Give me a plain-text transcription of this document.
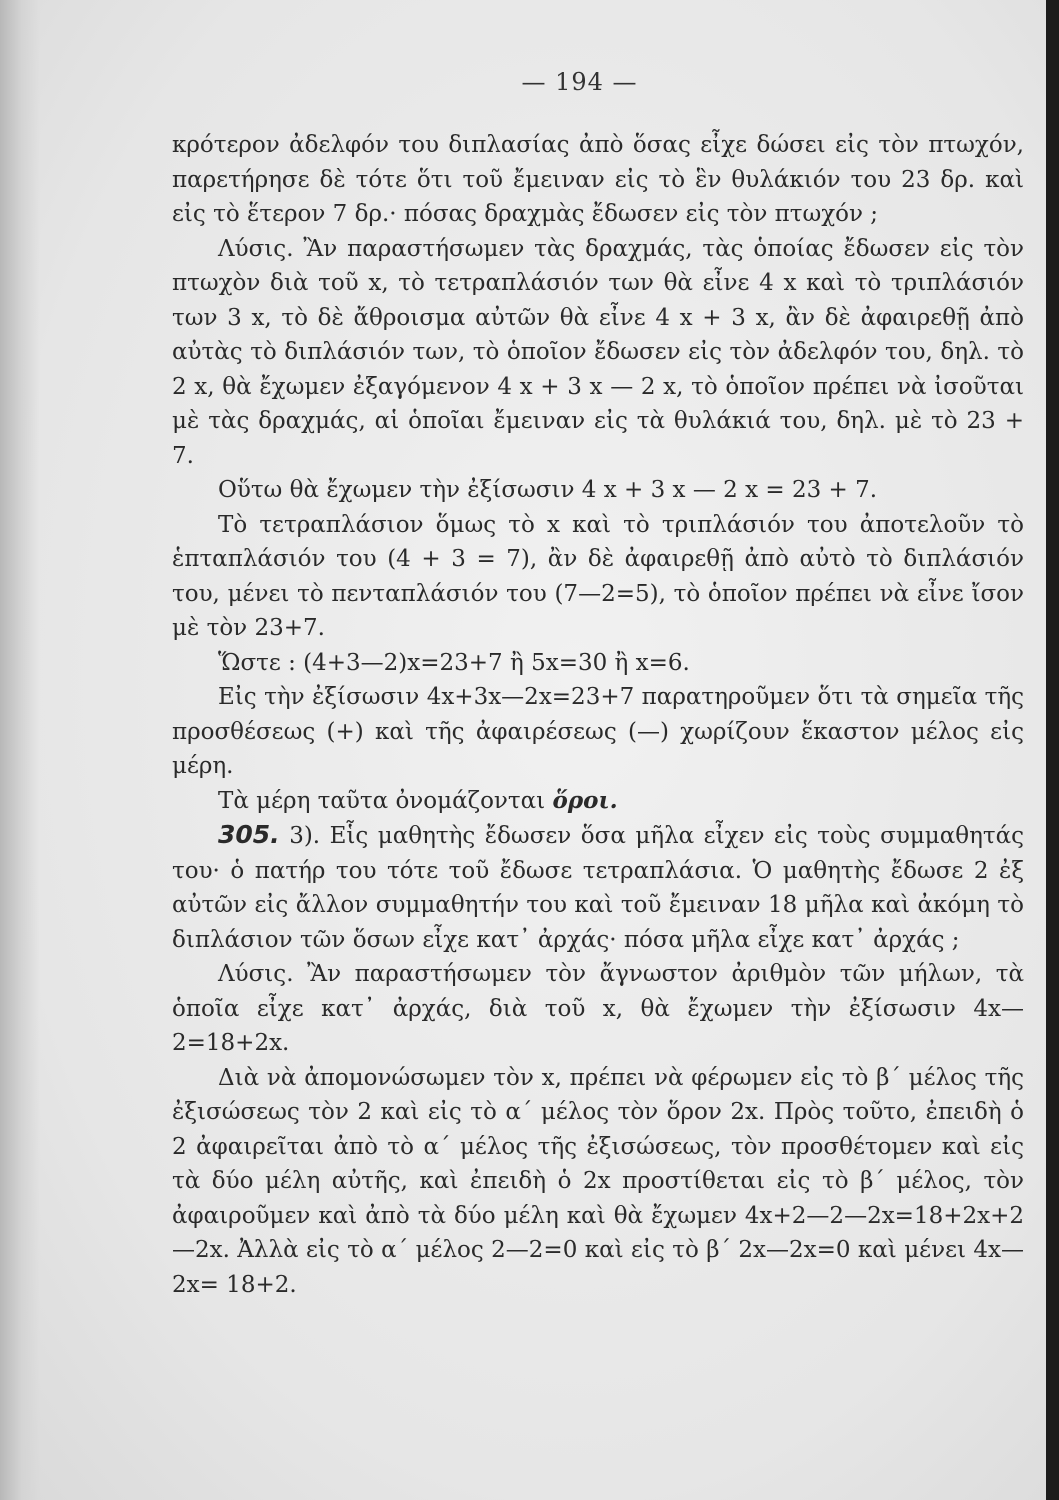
— 194 —

κρότερον ἀδελφόν του διπλασίας ἀπὸ ὅσας εἶχε δώσει εἰς τὸν πτωχόν, παρετήρησε δὲ τότε ὅτι τοῦ ἔμειναν εἰς τὸ ἓν θυλάκιόν του 23 δρ. καὶ εἰς τὸ ἕτερον 7 δρ.· πόσας δραχμὰς ἔδωσεν εἰς τὸν πτωχόν ;

Λύσις. Ἂν παραστήσωμεν τὰς δραχμάς, τὰς ὁποίας ἔδωσεν εἰς τὸν πτωχὸν διὰ τοῦ x, τὸ τετραπλάσιόν των θὰ εἶνε 4 x καὶ τὸ τριπλάσιόν των 3 x, τὸ δὲ ἄθροισμα αὐτῶν θὰ εἶνε 4 x + 3 x, ἂν δὲ ἀφαιρεθῇ ἀπὸ αὐτὰς τὸ διπλάσιόν των, τὸ ὁποῖον ἔδωσεν εἰς τὸν ἀδελφόν του, δηλ. τὸ 2 x, θὰ ἔχωμεν ἐξαγόμενον 4 x + 3 x — 2 x, τὸ ὁποῖον πρέπει νὰ ἰσοῦται μὲ τὰς δραχμάς, αἱ ὁποῖαι ἔμειναν εἰς τὰ θυλάκιά του, δηλ. μὲ τὸ 23 + 7.

Οὕτω θὰ ἔχωμεν τὴν ἐξίσωσιν 4 x + 3 x — 2 x = 23 + 7.

Τὸ τετραπλάσιον ὅμως τὸ x καὶ τὸ τριπλάσιόν του ἀποτελοῦν τὸ ἑπταπλάσιόν του (4 + 3 = 7), ἂν δὲ ἀφαιρεθῇ ἀπὸ αὐτὸ τὸ διπλάσιόν του, μένει τὸ πενταπλάσιόν του (7—2=5), τὸ ὁποῖον πρέπει νὰ εἶνε ἴσον μὲ τὸν 23+7.

Ὥστε : (4+3—2)x=23+7 ἢ 5x=30 ἢ x=6.

Εἰς τὴν ἐξίσωσιν 4x+3x—2x=23+7 παρατηροῦμεν ὅτι τὰ σημεῖα τῆς προσθέσεως (+) καὶ τῆς ἀφαιρέσεως (—) χωρίζουν ἕκαστον μέλος εἰς μέρη.

Τὰ μέρη ταῦτα ὀνομάζονται ὅροι.

305. 3). Εἷς μαθητὴς ἔδωσεν ὅσα μῆλα εἶχεν εἰς τοὺς συμμαθητάς του· ὁ πατήρ του τότε τοῦ ἔδωσε τετραπλάσια. Ὁ μαθητὴς ἔδωσε 2 ἐξ αὐτῶν εἰς ἄλλον συμμαθητήν του καὶ τοῦ ἔμειναν 18 μῆλα καὶ ἀκόμη τὸ διπλάσιον τῶν ὅσων εἶχε κατ᾽ ἀρχάς· πόσα μῆλα εἶχε κατ᾽ ἀρχάς ;

Λύσις. Ἂν παραστήσωμεν τὸν ἄγνωστον ἀριθμὸν τῶν μήλων, τὰ ὁποῖα εἶχε κατ᾽ ἀρχάς, διὰ τοῦ x, θὰ ἔχωμεν τὴν ἐξίσωσιν 4x—2=18+2x.

Διὰ νὰ ἀπομονώσωμεν τὸν x, πρέπει νὰ φέρωμεν εἰς τὸ β΄ μέλος τῆς ἐξισώσεως τὸν 2 καὶ εἰς τὸ α΄ μέλος τὸν ὅρον 2x. Πρὸς τοῦτο, ἐπειδὴ ὁ 2 ἀφαιρεῖται ἀπὸ τὸ α΄ μέλος τῆς ἐξισώσεως, τὸν προσθέτομεν καὶ εἰς τὰ δύο μέλη αὐτῆς, καὶ ἐπειδὴ ὁ 2x προστίθεται εἰς τὸ β΄ μέλος, τὸν ἀφαιροῦμεν καὶ ἀπὸ τὰ δύο μέλη καὶ θὰ ἔχωμεν 4x+2—2—2x=18+2x+2—2x. Ἀλλὰ εἰς τὸ α΄ μέλος 2—2=0 καὶ εἰς τὸ β΄ 2x—2x=0 καὶ μένει 4x—2x= 18+2.
